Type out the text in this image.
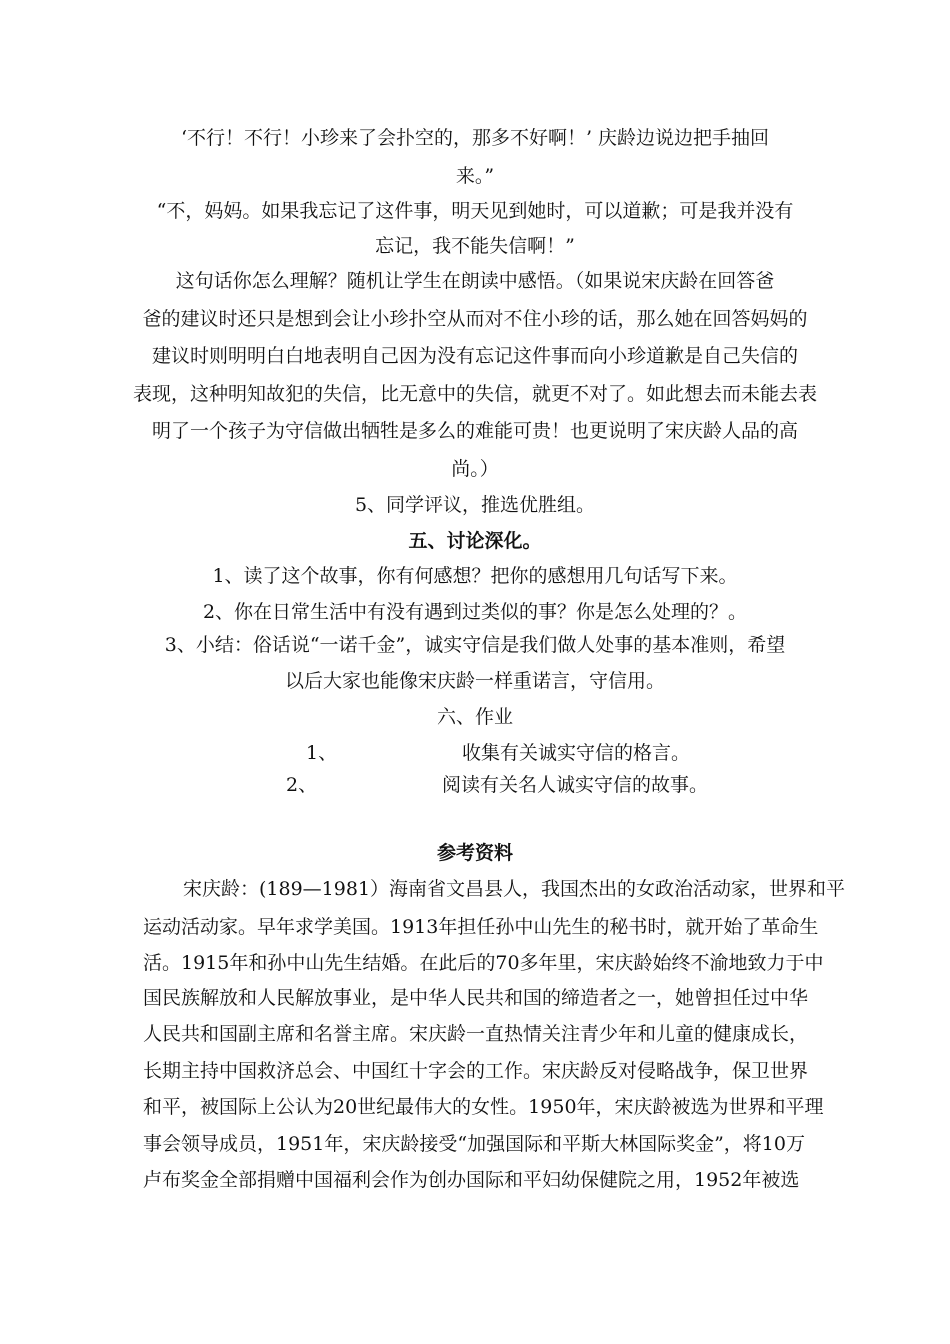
‘不行！不行！小珍来了会扑空的，那多不好啊！’ 庆龄边说边把手抽回
来。”
“不，妈妈。如果我忘记了这件事，明天见到她时，可以道歉；可是我并没有
忘记，我不能失信啊！”
这句话你怎么理解？随机让学生在朗读中感悟。（如果说宋庆龄在回答爸
爸的建议时还只是想到会让小珍扑空从而对不住小珍的话，那么她在回答妈妈的
建议时则明明白白地表明自己因为没有忘记这件事而向小珍道歉是自己失信的
表现，这种明知故犯的失信，比无意中的失信，就更不对了。如此想去而未能去表
明了一个孩子为守信做出牺牲是多么的难能可贵！也更说明了宋庆龄人品的高
尚。）
5、同学评议，推选优胜组。
五、讨论深化。
1、读了这个故事，你有何感想？把你的感想用几句话写下来。
2、你在日常生活中有没有遇到过类似的事？你是怎么处理的？。
3、小结：俗话说“一诺千金”，诚实守信是我们做人处事的基本准则，希望
以后大家也能像宋庆龄一样重诺言，守信用。
六、作业
1、	收集有关诚实守信的格言。
2、	阅读有关名人诚实守信的故事。
参考资料
宋庆龄：(189—1981）海南省文昌县人，我国杰出的女政治活动家，世界和平
运动活动家。早年求学美国。1913年担任孙中山先生的秘书时，就开始了革命生
活。1915年和孙中山先生结婚。在此后的70多年里，宋庆龄始终不渝地致力于中
国民族解放和人民解放事业，是中华人民共和国的缔造者之一，她曾担任过中华
人民共和国副主席和名誉主席。宋庆龄一直热情关注青少年和儿童的健康成长，
长期主持中国救济总会、中国红十字会的工作。宋庆龄反对侵略战争，保卫世界
和平，被国际上公认为20世纪最伟大的女性。1950年，宋庆龄被选为世界和平理
事会领导成员，1951年，宋庆龄接受“加强国际和平斯大林国际奖金”，将10万
卢布奖金全部捐赠中国福利会作为创办国际和平妇幼保健院之用，1952年被选
